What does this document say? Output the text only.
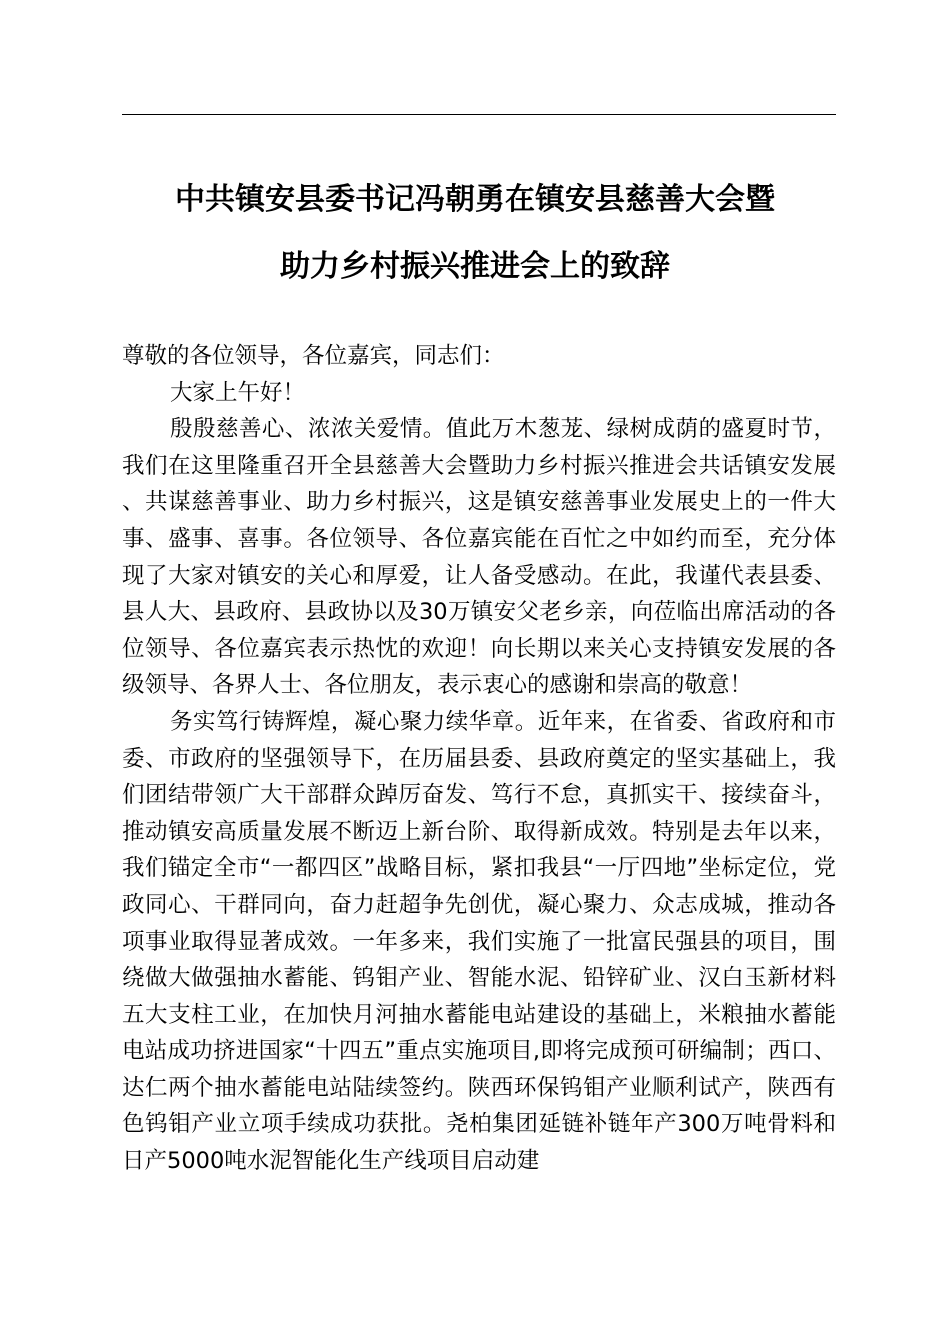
中共镇安县委书记冯朝勇在镇安县慈善大会暨
助力乡村振兴推进会上的致辞

尊敬的各位领导，各位嘉宾，同志们：

大家上午好！

殷殷慈善心、浓浓关爱情。值此万木葱茏、绿树成荫的盛夏时节，我们在这里隆重召开全县慈善大会暨助力乡村振兴推进会共话镇安发展、共谋慈善事业、助力乡村振兴，这是镇安慈善事业发展史上的一件大事、盛事、喜事。各位领导、各位嘉宾能在百忙之中如约而至，充分体现了大家对镇安的关心和厚爱，让人备受感动。在此，我谨代表县委、县人大、县政府、县政协以及30万镇安父老乡亲，向莅临出席活动的各位领导、各位嘉宾表示热忱的欢迎！向长期以来关心支持镇安发展的各级领导、各界人士、各位朋友，表示衷心的感谢和崇高的敬意！

务实笃行铸辉煌，凝心聚力续华章。近年来，在省委、省政府和市委、市政府的坚强领导下，在历届县委、县政府奠定的坚实基础上，我们团结带领广大干部群众踔厉奋发、笃行不怠，真抓实干、接续奋斗，推动镇安高质量发展不断迈上新台阶、取得新成效。特别是去年以来，我们锚定全市“一都四区”战略目标，紧扣我县“一厅四地”坐标定位，党政同心、干群同向，奋力赶超争先创优，凝心聚力、众志成城，推动各项事业取得显著成效。一年多来，我们实施了一批富民强县的项目，围绕做大做强抽水蓄能、钨钼产业、智能水泥、铅锌矿业、汉白玉新材料五大支柱工业，在加快月河抽水蓄能电站建设的基础上，米粮抽水蓄能电站成功挤进国家“十四五”重点实施项目,即将完成预可研编制；西口、达仁两个抽水蓄能电站陆续签约。陕西环保钨钼产业顺利试产，陕西有色钨钼产业立项手续成功获批。尧柏集团延链补链年产300万吨骨料和日产5000吨水泥智能化生产线项目启动建
